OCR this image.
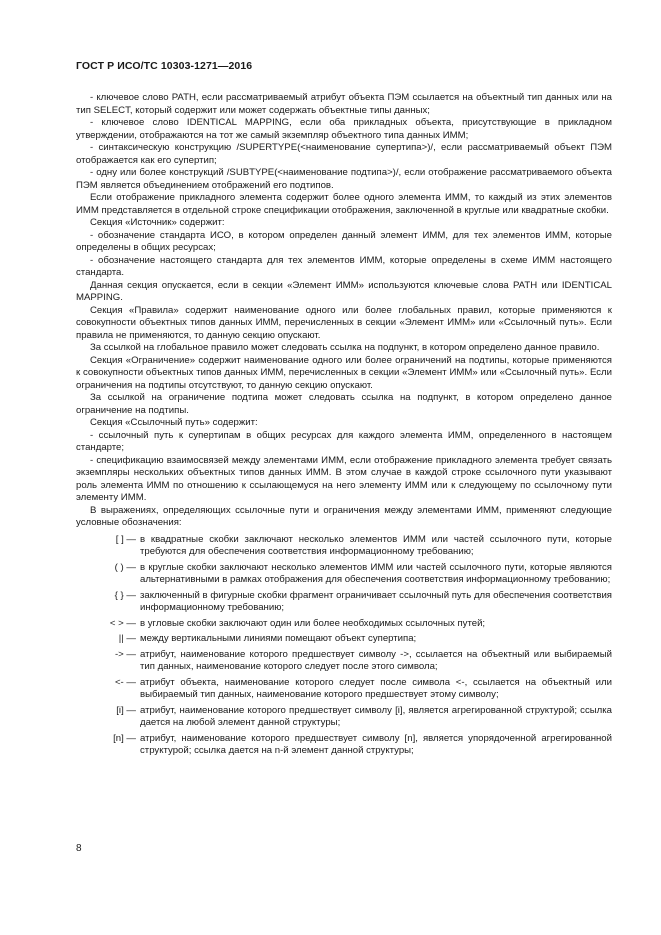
ГОСТ Р ИСО/ТС 10303-1271—2016

- ключевое слово PATH, если рассматриваемый атрибут объекта ПЭМ ссылается на объектный тип данных или на тип SELECT, который содержит или может содержать объектные типы данных;

- ключевое слово IDENTICAL MAPPING, если оба прикладных объекта, присутствующие в прикладном утверждении, отображаются на тот же самый экземпляр объектного типа данных ИММ;

- синтаксическую конструкцию /SUPERTYPE(<наименование супертипа>)/, если рассматриваемый объект ПЭМ отображается как его супертип;

- одну или более конструкций /SUBTYPE(<наименование подтипа>)/, если отображение рассматриваемого объекта ПЭМ является объединением отображений его подтипов.

Если отображение прикладного элемента содержит более одного элемента ИММ, то каждый из этих элементов ИММ представляется в отдельной строке спецификации отображения, заключенной в круглые или квадратные скобки.

Секция «Источник» содержит:

- обозначение стандарта ИСО, в котором определен данный элемент ИММ, для тех элементов ИММ, которые определены в общих ресурсах;

- обозначение настоящего стандарта для тех элементов ИММ, которые определены в схеме ИММ настоящего стандарта.

Данная секция опускается, если в секции «Элемент ИММ» используются ключевые слова PATH или IDENTICAL MAPPING.

Секция «Правила» содержит наименование одного или более глобальных правил, которые применяются к совокупности объектных типов данных ИММ, перечисленных в секции «Элемент ИММ» или «Ссылочный путь». Если правила не применяются, то данную секцию опускают.

За ссылкой на глобальное правило может следовать ссылка на подпункт, в котором определено данное правило.

Секция «Ограничение» содержит наименование одного или более ограничений на подтипы, которые применяются к совокупности объектных типов данных ИММ, перечисленных в секции «Элемент ИММ» или «Ссылочный путь». Если ограничения на подтипы отсутствуют, то данную секцию опускают.

За ссылкой на ограничение подтипа может следовать ссылка на подпункт, в котором определено данное ограничение на подтипы.

Секция «Ссылочный путь» содержит:

- ссылочный путь к супертипам в общих ресурсах для каждого элемента ИММ, определенного в настоящем стандарте;

- спецификацию взаимосвязей между элементами ИММ, если отображение прикладного элемента требует связать экземпляры нескольких объектных типов данных ИММ. В этом случае в каждой строке ссылочного пути указывают роль элемента ИММ по отношению к ссылающемуся на него элементу ИММ или к следующему по ссылочному пути элементу ИММ.

В выражениях, определяющих ссылочные пути и ограничения между элементами ИММ, применяют следующие условные обозначения:

[ ] — в квадратные скобки заключают несколько элементов ИММ или частей ссылочного пути, которые требуются для обеспечения соответствия информационному требованию;
( ) — в круглые скобки заключают несколько элементов ИММ или частей ссылочного пути, которые являются альтернативными в рамках отображения для обеспечения соответствия информационному требованию;
{ } — заключенный в фигурные скобки фрагмент ограничивает ссылочный путь для обеспечения соответствия информационному требованию;
< > — в угловые скобки заключают один или более необходимых ссылочных путей;
|| — между вертикальными линиями помещают объект супертипа;
-> — атрибут, наименование которого предшествует символу ->, ссылается на объектный или выбираемый тип данных, наименование которого следует после этого символа;
<- — атрибут объекта, наименование которого следует после символа <-, ссылается на объектный или выбираемый тип данных, наименование которого предшествует этому символу;
[i] — атрибут, наименование которого предшествует символу [i], является агрегированной структурой; ссылка дается на любой элемент данной структуры;
[n] — атрибут, наименование которого предшествует символу [n], является упорядоченной агрегированной структурой; ссылка дается на n-й элемент данной структуры;
8
